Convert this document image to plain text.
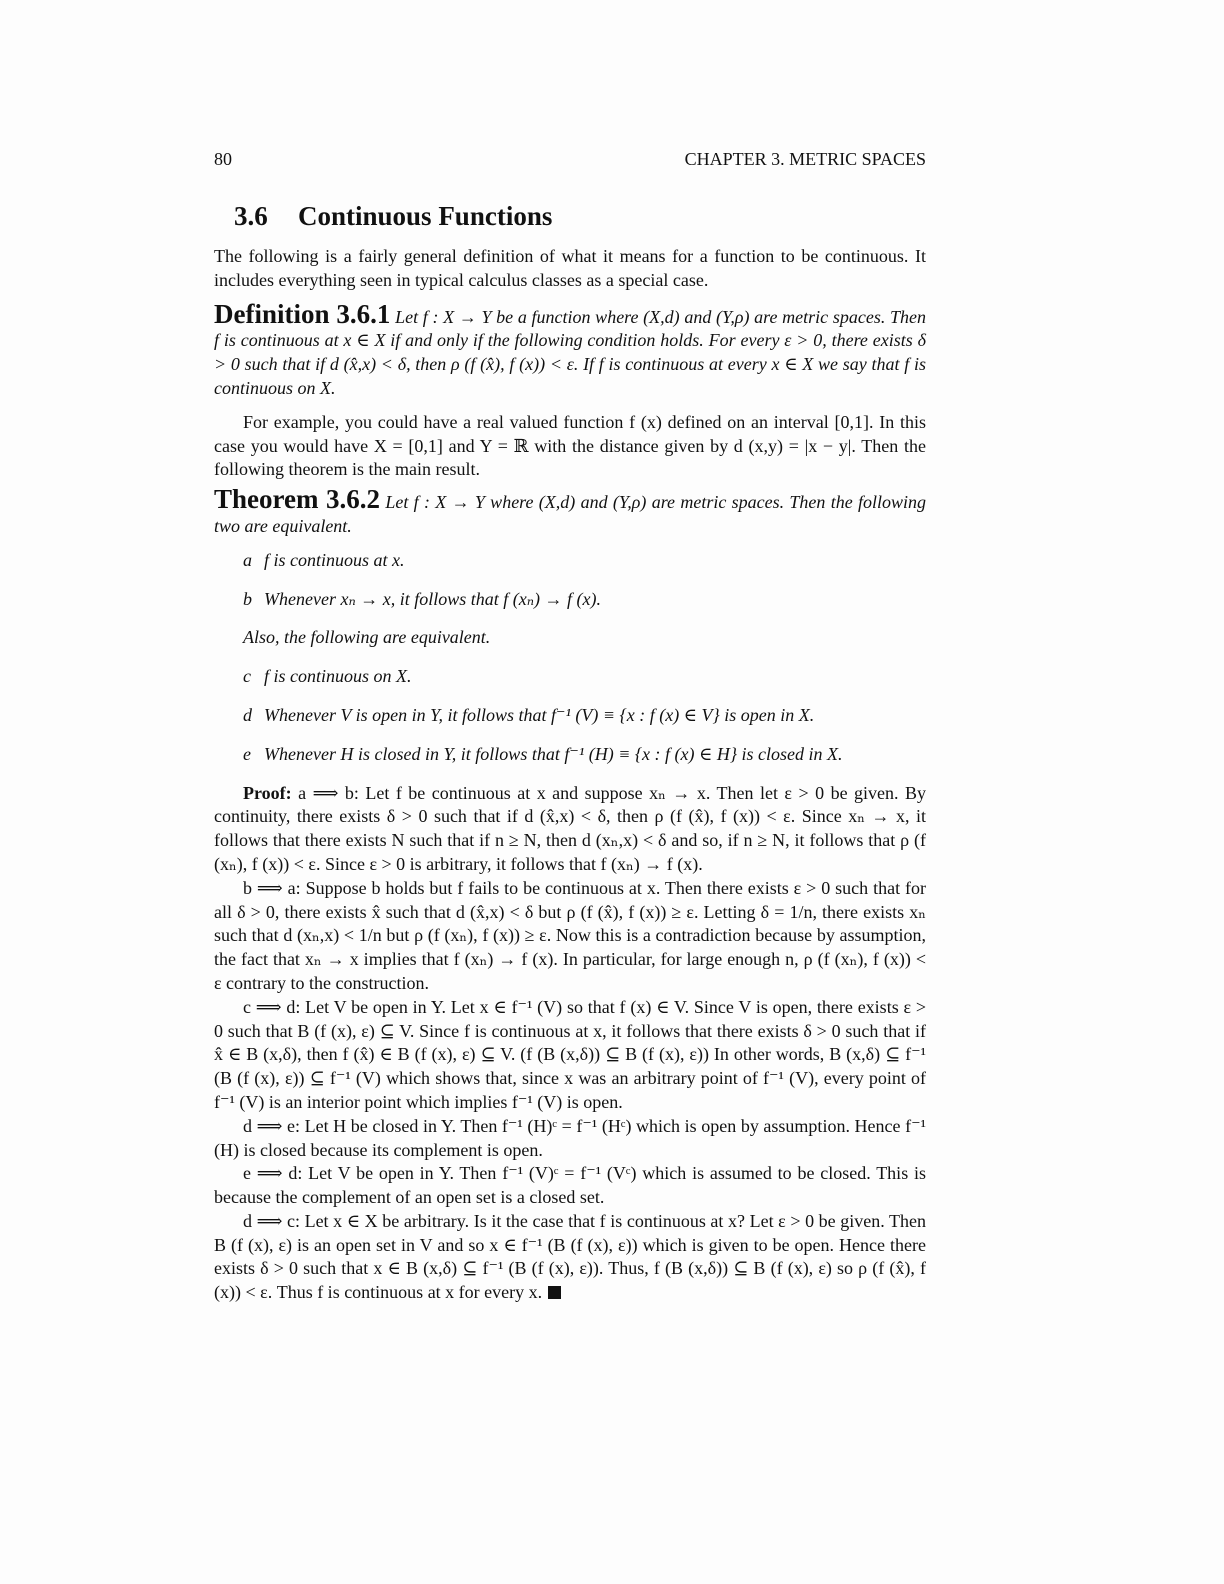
80	CHAPTER 3. METRIC SPACES
3.6 Continuous Functions

The following is a fairly general definition of what it means for a function to be continuous. It includes everything seen in typical calculus classes as a special case.

Definition 3.6.1 Let f : X → Y be a function where (X,d) and (Y,ρ) are metric spaces. Then f is continuous at x ∈ X if and only if the following condition holds. For every ε > 0, there exists δ > 0 such that if d (x̂,x) < δ, then ρ (f (x̂), f (x)) < ε. If f is continuous at every x ∈ X we say that f is continuous on X.

For example, you could have a real valued function f (x) defined on an interval [0,1]. In this case you would have X = [0,1] and Y = ℝ with the distance given by d (x,y) = |x − y|. Then the following theorem is the main result.

Theorem 3.6.2 Let f : X → Y where (X,d) and (Y,ρ) are metric spaces. Then the following two are equivalent.

a f is continuous at x.

b Whenever xₙ → x, it follows that f (xₙ) → f (x).

Also, the following are equivalent.

c f is continuous on X.

d Whenever V is open in Y, it follows that f⁻¹ (V) ≡ {x : f (x) ∈ V} is open in X.

e Whenever H is closed in Y, it follows that f⁻¹ (H) ≡ {x : f (x) ∈ H} is closed in X.

Proof: a ⟹ b: Let f be continuous at x and suppose xₙ → x. Then let ε > 0 be given. By continuity, there exists δ > 0 such that if d (x̂,x) < δ, then ρ (f (x̂), f (x)) < ε. Since xₙ → x, it follows that there exists N such that if n ≥ N, then d (xₙ,x) < δ and so, if n ≥ N, it follows that ρ (f (xₙ), f (x)) < ε. Since ε > 0 is arbitrary, it follows that f (xₙ) → f (x).

b ⟹ a: Suppose b holds but f fails to be continuous at x. Then there exists ε > 0 such that for all δ > 0, there exists x̂ such that d (x̂,x) < δ but ρ (f (x̂), f (x)) ≥ ε. Letting δ = 1/n, there exists xₙ such that d (xₙ,x) < 1/n but ρ (f (xₙ), f (x)) ≥ ε. Now this is a contradiction because by assumption, the fact that xₙ → x implies that f (xₙ) → f (x). In particular, for large enough n, ρ (f (xₙ), f (x)) < ε contrary to the construction.

c ⟹ d: Let V be open in Y. Let x ∈ f⁻¹ (V) so that f (x) ∈ V. Since V is open, there exists ε > 0 such that B (f (x), ε) ⊆ V. Since f is continuous at x, it follows that there exists δ > 0 such that if x̂ ∈ B (x,δ), then f (x̂) ∈ B (f (x), ε) ⊆ V. (f (B (x,δ)) ⊆ B (f (x), ε)) In other words, B (x,δ) ⊆ f⁻¹ (B (f (x), ε)) ⊆ f⁻¹ (V) which shows that, since x was an arbitrary point of f⁻¹ (V), every point of f⁻¹ (V) is an interior point which implies f⁻¹ (V) is open.

d ⟹ e: Let H be closed in Y. Then f⁻¹ (H)ᶜ = f⁻¹ (Hᶜ) which is open by assumption. Hence f⁻¹ (H) is closed because its complement is open.

e ⟹ d: Let V be open in Y. Then f⁻¹ (V)ᶜ = f⁻¹ (Vᶜ) which is assumed to be closed. This is because the complement of an open set is a closed set.

d ⟹ c: Let x ∈ X be arbitrary. Is it the case that f is continuous at x? Let ε > 0 be given. Then B (f (x), ε) is an open set in V and so x ∈ f⁻¹ (B (f (x), ε)) which is given to be open. Hence there exists δ > 0 such that x ∈ B (x,δ) ⊆ f⁻¹ (B (f (x), ε)). Thus, f (B (x,δ)) ⊆ B (f (x), ε) so ρ (f (x̂), f (x)) < ε. Thus f is continuous at x for every x.
